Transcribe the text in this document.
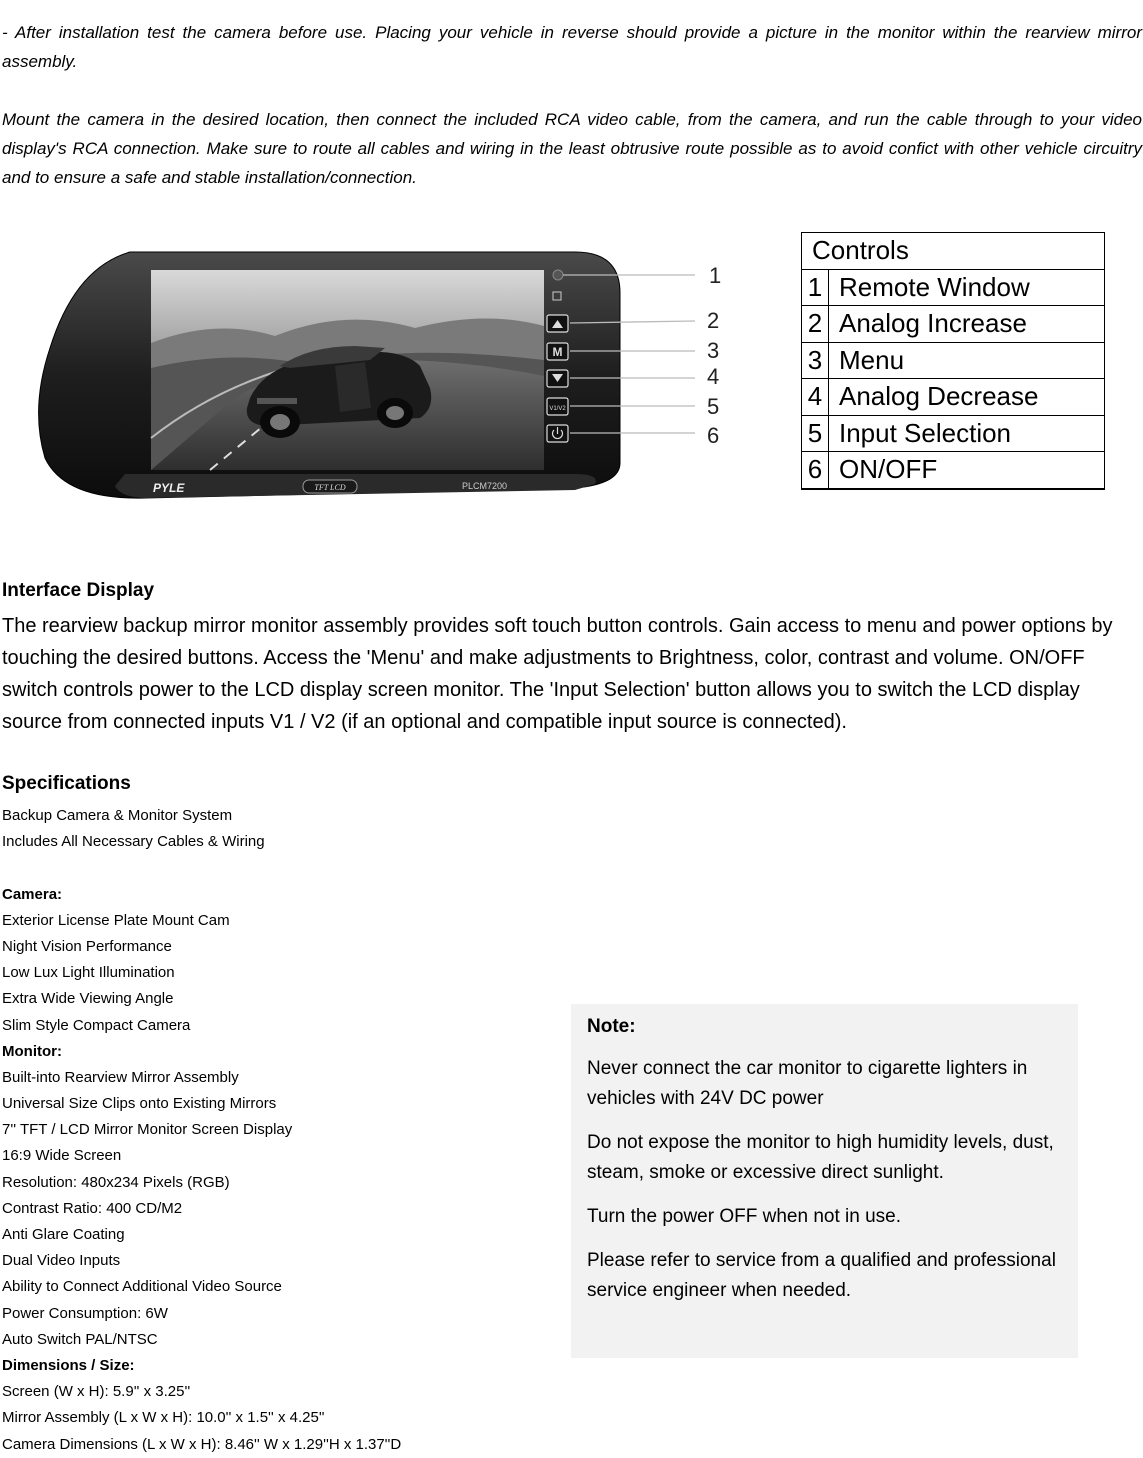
- After installation test the camera before use. Placing your vehicle in reverse should provide a picture in the monitor within the rearview mirror assembly.

Mount the camera in the desired location, then connect the included RCA video cable, from the camera, and run the cable through to your video display's RCA connection. Make sure to route all cables and wiring in the least obtrusive route possible as to avoid confict with other vehicle circuitry and to ensure a safe and stable installation/connection.

M
V1/V2
1
2
3
4
5
6
PYLE	TFT LCD	PLCM7200
Controls	
1	Remote Window
2	Analog Increase
3	Menu
4	Analog Decrease
5	Input Selection
6	ON/OFF
Interface Display
The rearview backup mirror monitor assembly provides soft touch button controls. Gain access to menu and power options by touching the desired buttons. Access the 'Menu' and make adjustments to Brightness, color, contrast and volume. ON/OFF switch controls power to the LCD display screen monitor. The 'Input Selection' button allows you to switch the LCD display source from connected inputs V1 / V2 (if an optional and compatible input source is connected).
Specifications
Backup Camera & Monitor System
Includes All Necessary Cables & Wiring
Camera:
Exterior License Plate Mount Cam
Night Vision Performance
Low Lux Light Illumination
Extra Wide Viewing Angle
Slim Style Compact Camera
Monitor:
Built-into Rearview Mirror Assembly
Universal Size Clips onto Existing Mirrors
7'' TFT / LCD Mirror Monitor Screen Display
16:9 Wide Screen
Resolution: 480x234 Pixels (RGB)
Contrast Ratio: 400 CD/M2
Anti Glare Coating
Dual Video Inputs
Ability to Connect Additional Video Source
Power Consumption: 6W
Auto Switch PAL/NTSC
Dimensions / Size:
Screen (W x H): 5.9'' x 3.25''
Mirror Assembly (L x W x H): 10.0'' x 1.5'' x 4.25''
Camera Dimensions (L x W x H): 8.46'' W x 1.29''H x 1.37''D
Note:

Never connect the car monitor to cigarette lighters in vehicles with 24V DC power

Do not expose the monitor to high humidity levels, dust, steam, smoke or excessive direct sunlight.

Turn the power OFF when not in use.

Please refer to service from a qualified and professional service engineer when needed.
